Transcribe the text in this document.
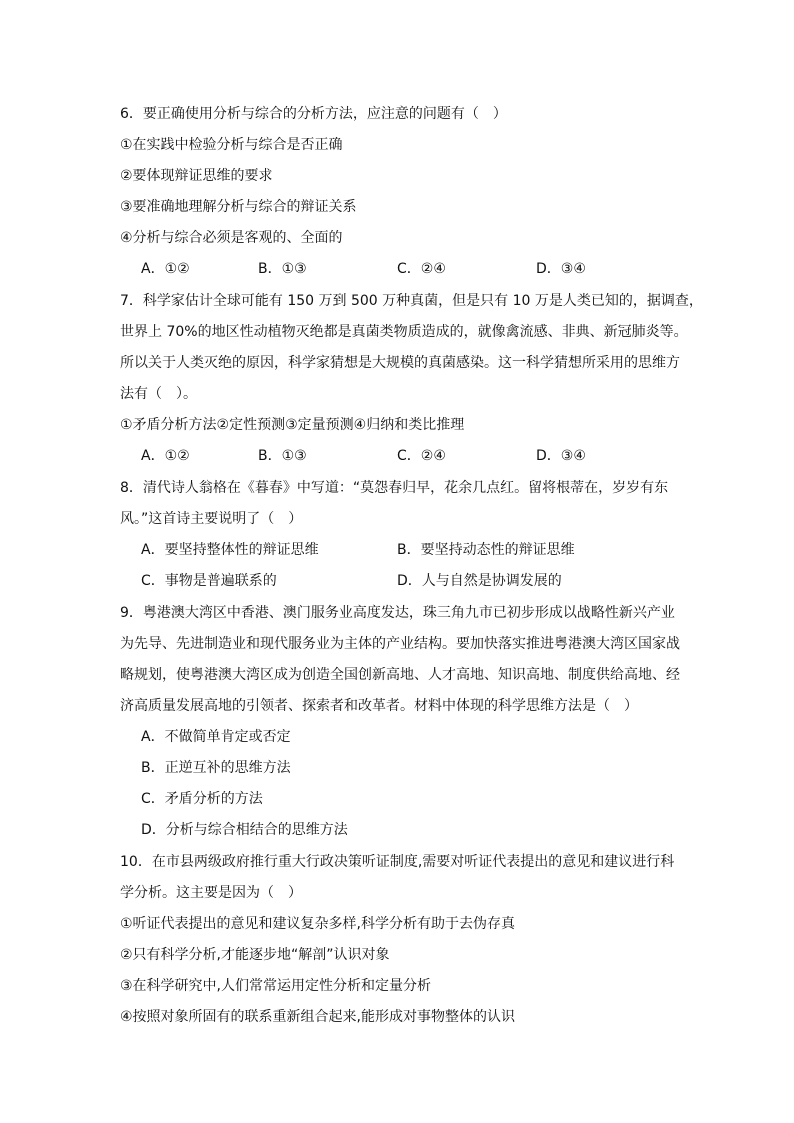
6．要正确使用分析与综合的分析方法，应注意的问题有（　）
①在实践中检验分析与综合是否正确
②要体现辩证思维的要求
③要准确地理解分析与综合的辩证关系
④分析与综合必须是客观的、全面的
A．①②	B．①③	C．②④	D．③④
7．科学家估计全球可能有 150 万到 500 万种真菌，但是只有 10 万是人类已知的，据调查，
世界上 70%的地区性动植物灭绝都是真菌类物质造成的，就像禽流感、非典、新冠肺炎等。
所以关于人类灭绝的原因，科学家猜想是大规模的真菌感染。这一科学猜想所采用的思维方
法有（　）。
①矛盾分析方法②定性预测③定量预测④归纳和类比推理
A．①②	B．①③	C．②④	D．③④
8．清代诗人翁格在《暮春》中写道：“莫怨春归早，花余几点红。留将根蒂在，岁岁有东
风。”这首诗主要说明了（　）
A．要坚持整体性的辩证思维	B．要坚持动态性的辩证思维
C．事物是普遍联系的	D．人与自然是协调发展的
9．粤港澳大湾区中香港、澳门服务业高度发达，珠三角九市已初步形成以战略性新兴产业
为先导、先进制造业和现代服务业为主体的产业结构。要加快落实推进粤港澳大湾区国家战
略规划，使粤港澳大湾区成为创造全国创新高地、人才高地、知识高地、制度供给高地、经
济高质量发展高地的引领者、探索者和改革者。材料中体现的科学思维方法是（　）
A．不做简单肯定或否定
B．正逆互补的思维方法
C．矛盾分析的方法
D．分析与综合相结合的思维方法
10．在市县两级政府推行重大行政决策听证制度,需要对听证代表提出的意见和建议进行科
学分析。这主要是因为（　）
①听证代表提出的意见和建议复杂多样,科学分析有助于去伪存真
②只有科学分析,才能逐步地“解剖”认识对象
③在科学研究中,人们常常运用定性分析和定量分析
④按照对象所固有的联系重新组合起来,能形成对事物整体的认识
